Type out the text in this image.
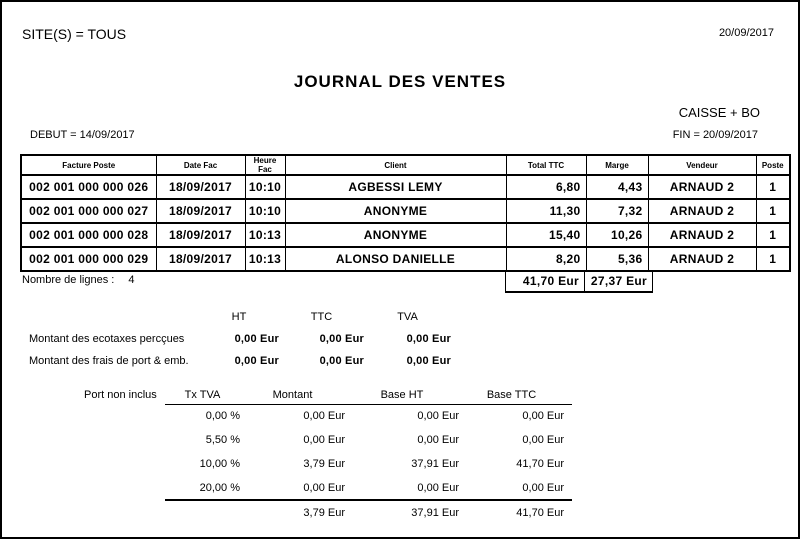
SITE(S) = TOUS	20/09/2017
JOURNAL DES VENTES
CAISSE + BO
DEBUT = 14/09/2017	FIN = 20/09/2017
Facture Poste	Date Fac	Heure Fac	Client	Total TTC	Marge	Vendeur	Poste
002 001 000 000 026	18/09/2017	10:10	AGBESSI LEMY	6,80	4,43	ARNAUD 2	1
002 001 000 000 027	18/09/2017	10:10	ANONYME	11,30	7,32	ARNAUD 2	1
002 001 000 000 028	18/09/2017	10:13	ANONYME	15,40	10,26	ARNAUD 2	1
002 001 000 000 029	18/09/2017	10:13	ALONSO DANIELLE	8,20	5,36	ARNAUD 2	1
41,70 Eur 27,37 Eur
Nombre de lignes : 4
HT	TTC	TVA
Montant des ecotaxes percçues	0,00 Eur	0,00 Eur	0,00 Eur
Montant des frais de port & emb.	0,00 Eur	0,00 Eur	0,00 Eur
Port non inclus	Tx TVA	Montant	Base HT	Base TTC
0,00 %	0,00 Eur	0,00 Eur	0,00 Eur
5,50 %	0,00 Eur	0,00 Eur	0,00 Eur
10,00 %	3,79 Eur	37,91 Eur	41,70 Eur
20,00 %	0,00 Eur	0,00 Eur	0,00 Eur
	3,79 Eur	37,91 Eur	41,70 Eur
